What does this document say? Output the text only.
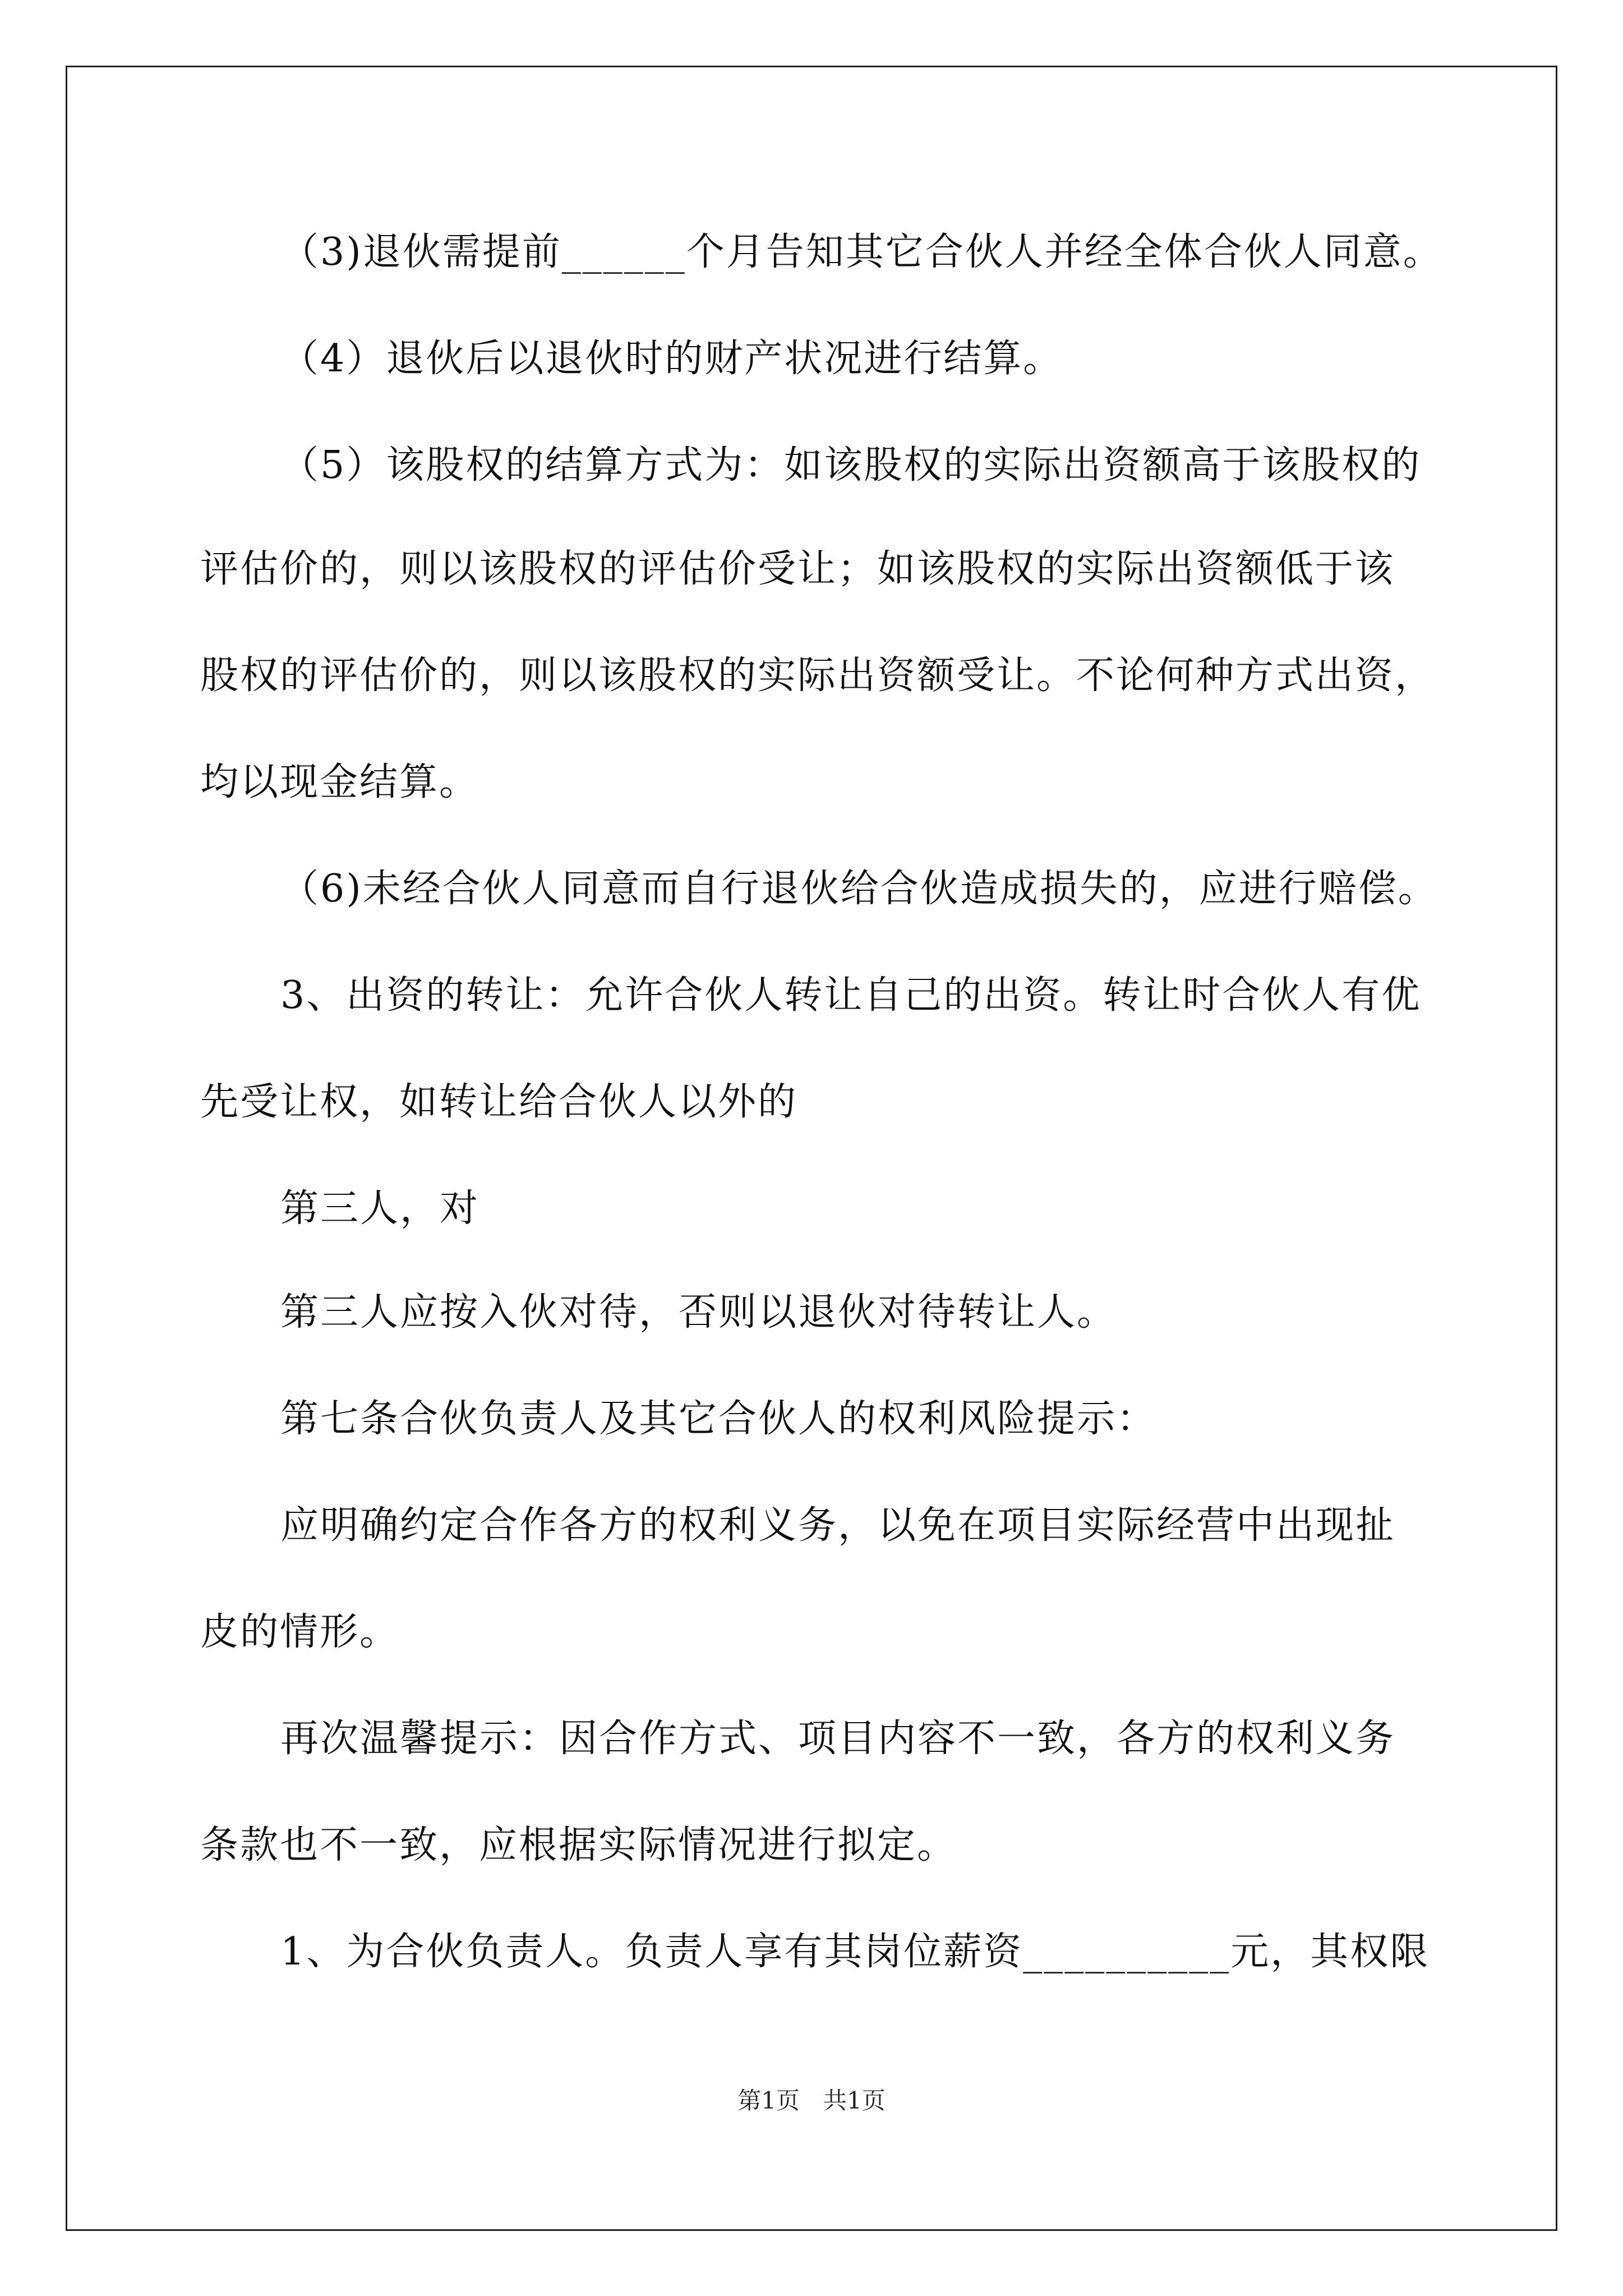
（3)退伙需提前______个月告知其它合伙人并经全体合伙人同意。
（4）退伙后以退伙时的财产状况进行结算。
（5）该股权的结算方式为：如该股权的实际出资额高于该股权的
评估价的，则以该股权的评估价受让；如该股权的实际出资额低于该
股权的评估价的，则以该股权的实际出资额受让。不论何种方式出资，
均以现金结算。
（6)未经合伙人同意而自行退伙给合伙造成损失的，应进行赔偿。
3、出资的转让：允许合伙人转让自己的出资。转让时合伙人有优
先受让权，如转让给合伙人以外的
第三人，对
第三人应按入伙对待，否则以退伙对待转让人。
第七条合伙负责人及其它合伙人的权利风险提示：
应明确约定合作各方的权利义务，以免在项目实际经营中出现扯
皮的情形。
再次温馨提示：因合作方式、项目内容不一致，各方的权利义务
条款也不一致，应根据实际情况进行拟定。
1、为合伙负责人。负责人享有其岗位薪资__________元，其权限
第1页　共1页
